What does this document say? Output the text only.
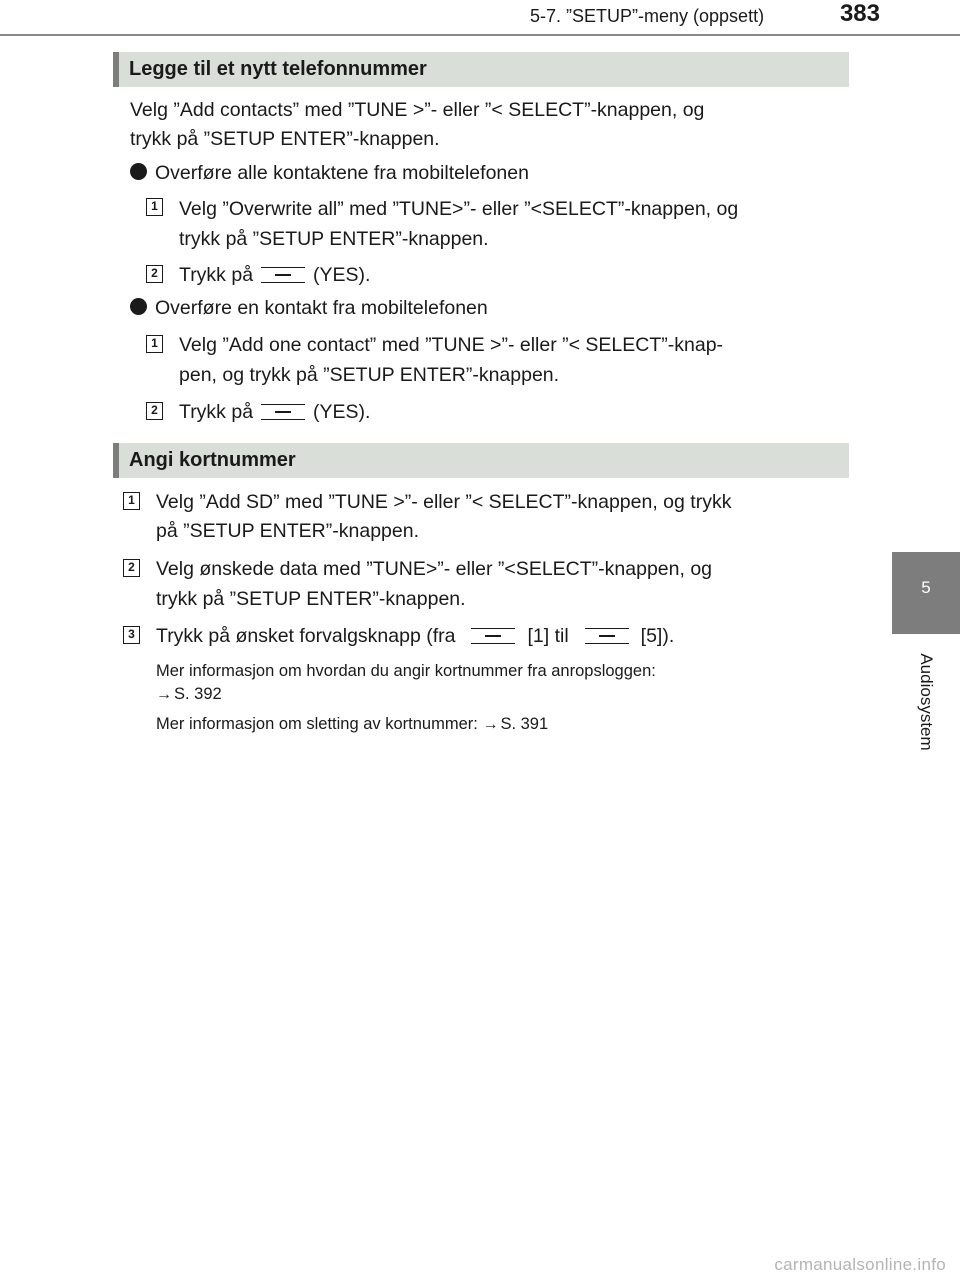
5-7. ”SETUP”-meny (oppsett)	383
5
Audiosystem
Legge til et nytt telefonnummer
Velg ”Add contacts” med ”TUNE >”- eller ”< SELECT”-knappen, og
trykk på ”SETUP ENTER”-knappen.
Overføre alle kontaktene fra mobiltelefonen
1 Velg ”Overwrite all” med ”TUNE>”- eller ”<SELECT”-knappen, og
trykk på ”SETUP ENTER”-knappen.
2 Trykk på	(YES).
Overføre en kontakt fra mobiltelefonen
1 Velg ”Add one contact” med ”TUNE >”- eller ”< SELECT”-knap-
pen, og trykk på ”SETUP ENTER”-knappen.
2 Trykk på	(YES).
Angi kortnummer
1 Velg ”Add SD” med ”TUNE >”- eller ”< SELECT”-knappen, og trykk
på ”SETUP ENTER”-knappen.
2 Velg ønskede data med ”TUNE>”- eller ”<SELECT”-knappen, og
trykk på ”SETUP ENTER”-knappen.
3 Trykk på ønsket forvalgsknapp (fra	[1] til	[5]).
Mer informasjon om hvordan du angir kortnummer fra anropsloggen:
→ S. 392
Mer informasjon om sletting av kortnummer: → S. 391
carmanualsonline.info
